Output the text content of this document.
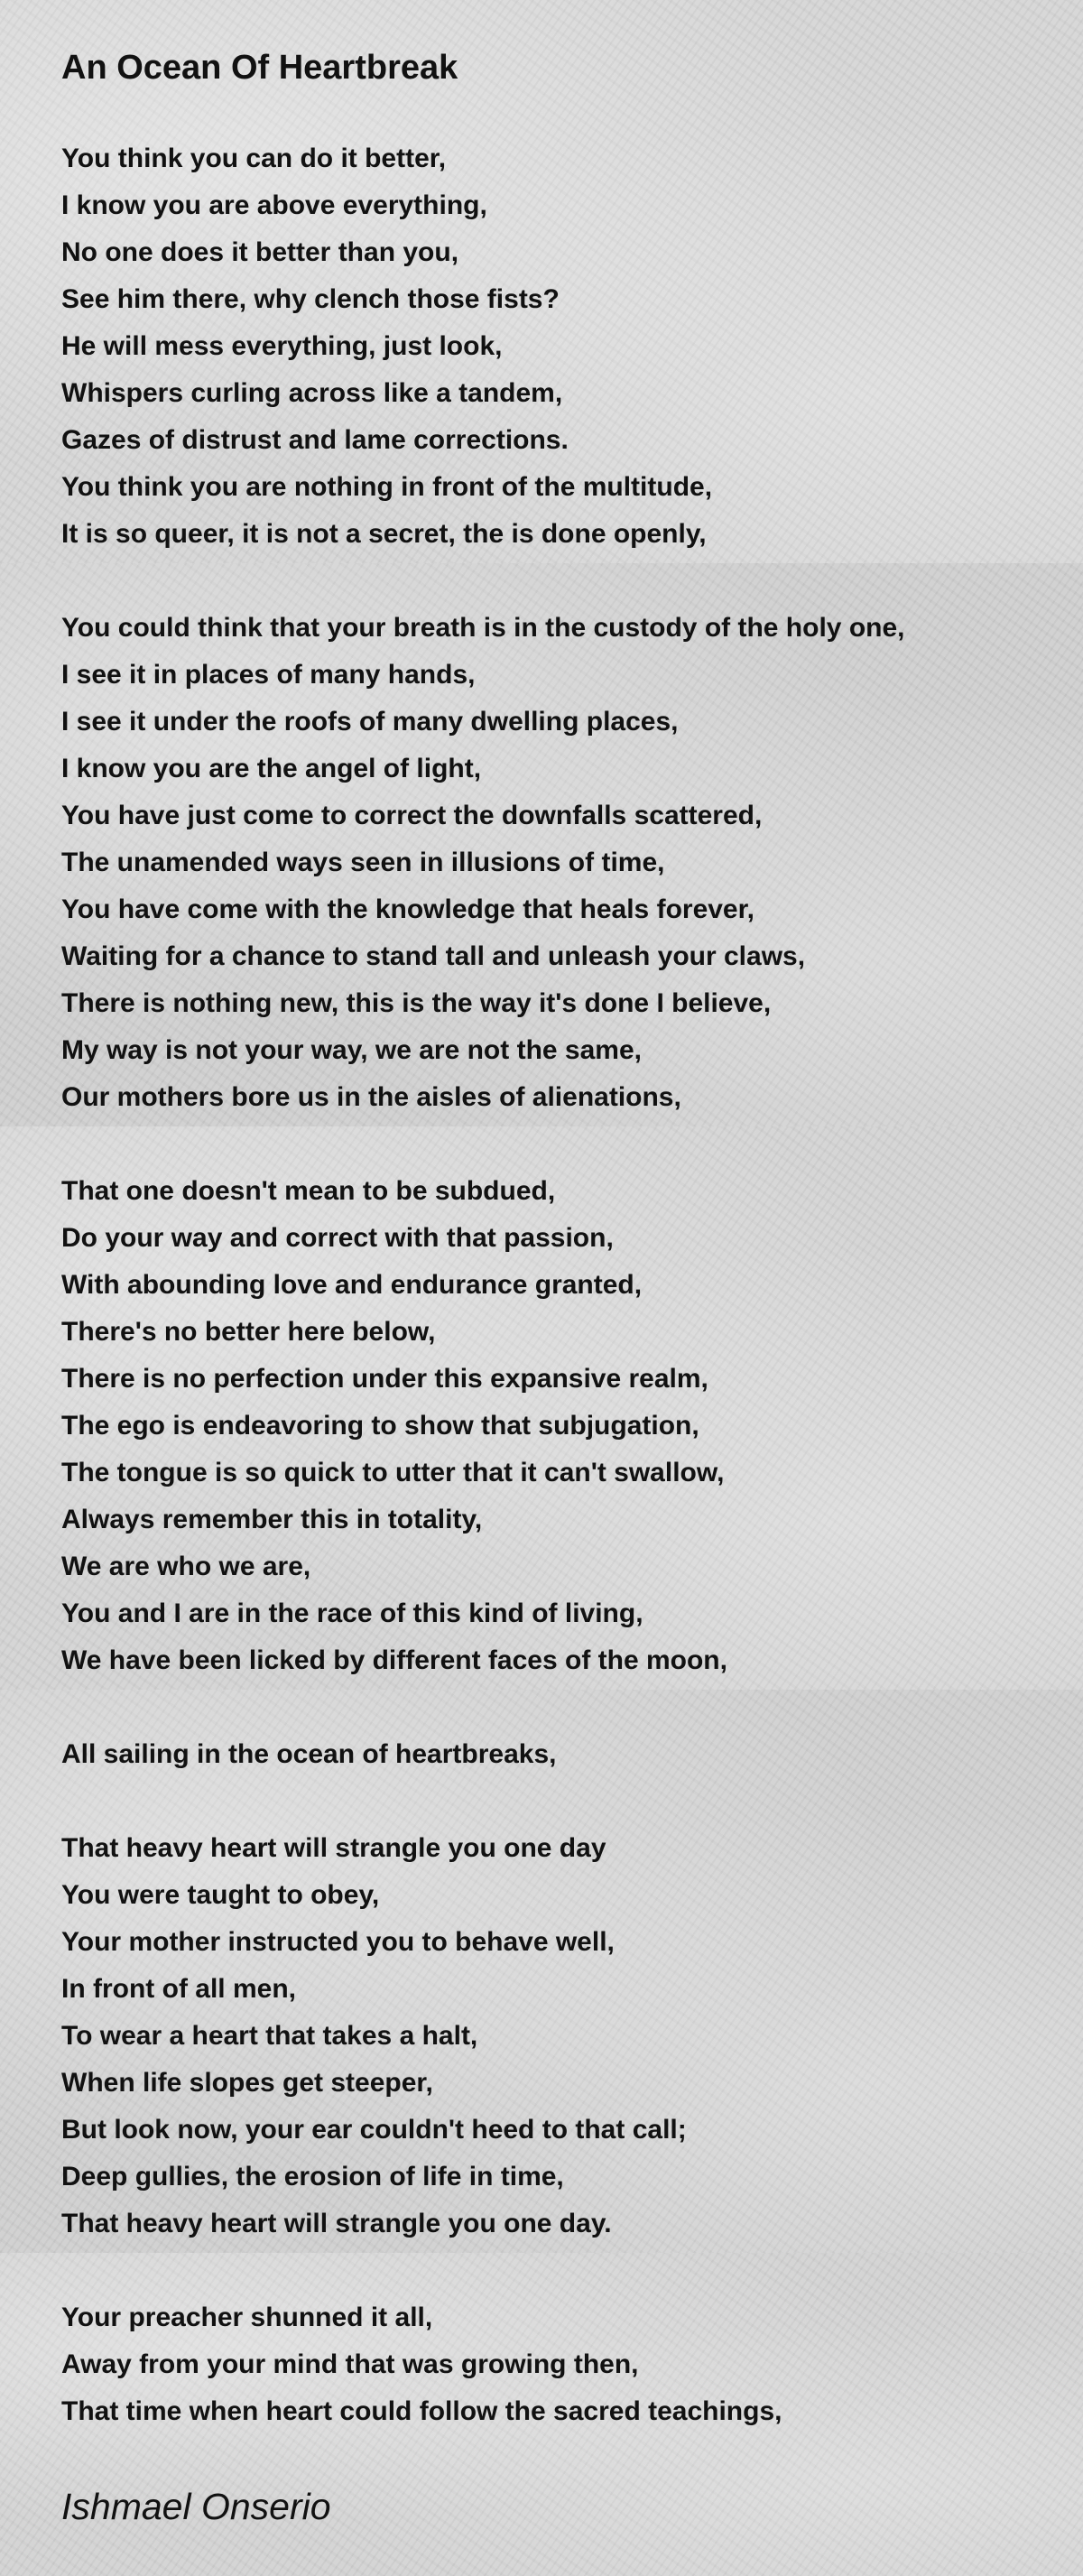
An Ocean Of Heartbreak
You think you can do it better,
I know you are above everything,
No one does it better than you,
See him there, why clench those fists?
He will mess everything, just look,
Whispers curling across like a tandem,
Gazes of distrust and lame corrections.
You think you are nothing in front of the multitude,
It is so queer, it is not a secret, the is done openly,
You could think that your breath is in the custody of the holy one,
I see it in places of many hands,
I see it under the roofs of many dwelling places,
I know you are the angel of light,
You have just come to correct the downfalls scattered,
The unamended ways seen in illusions of time,
You have come with the knowledge that heals forever,
Waiting for a chance to stand tall and unleash your claws,
There is nothing new, this is the way it's done I believe,
My way is not your way, we are not the same,
Our mothers bore us in the aisles of alienations,
That one doesn't mean to be subdued,
Do your way and correct with that passion,
With abounding love and endurance granted,
There's no better here below,
There is no perfection under this expansive realm,
The ego is endeavoring to show that subjugation,
The tongue is so quick to utter that it can't swallow,
Always remember this in totality,
We are who we are,
You and I are in the race of this kind of living,
We have been licked by different faces of the moon,
All sailing in the ocean of heartbreaks,
That heavy heart will strangle you one day
You were taught to obey,
Your mother instructed you to behave well,
In front of all men,
To wear a heart that takes a halt,
When life slopes get steeper,
But look now, your ear couldn't heed to that call;
Deep gullies, the erosion of life in time,
That heavy heart will strangle you one day.
Your preacher shunned it all,
Away from your mind that was growing then,
That time when heart could follow the sacred teachings,
Ishmael Onserio
